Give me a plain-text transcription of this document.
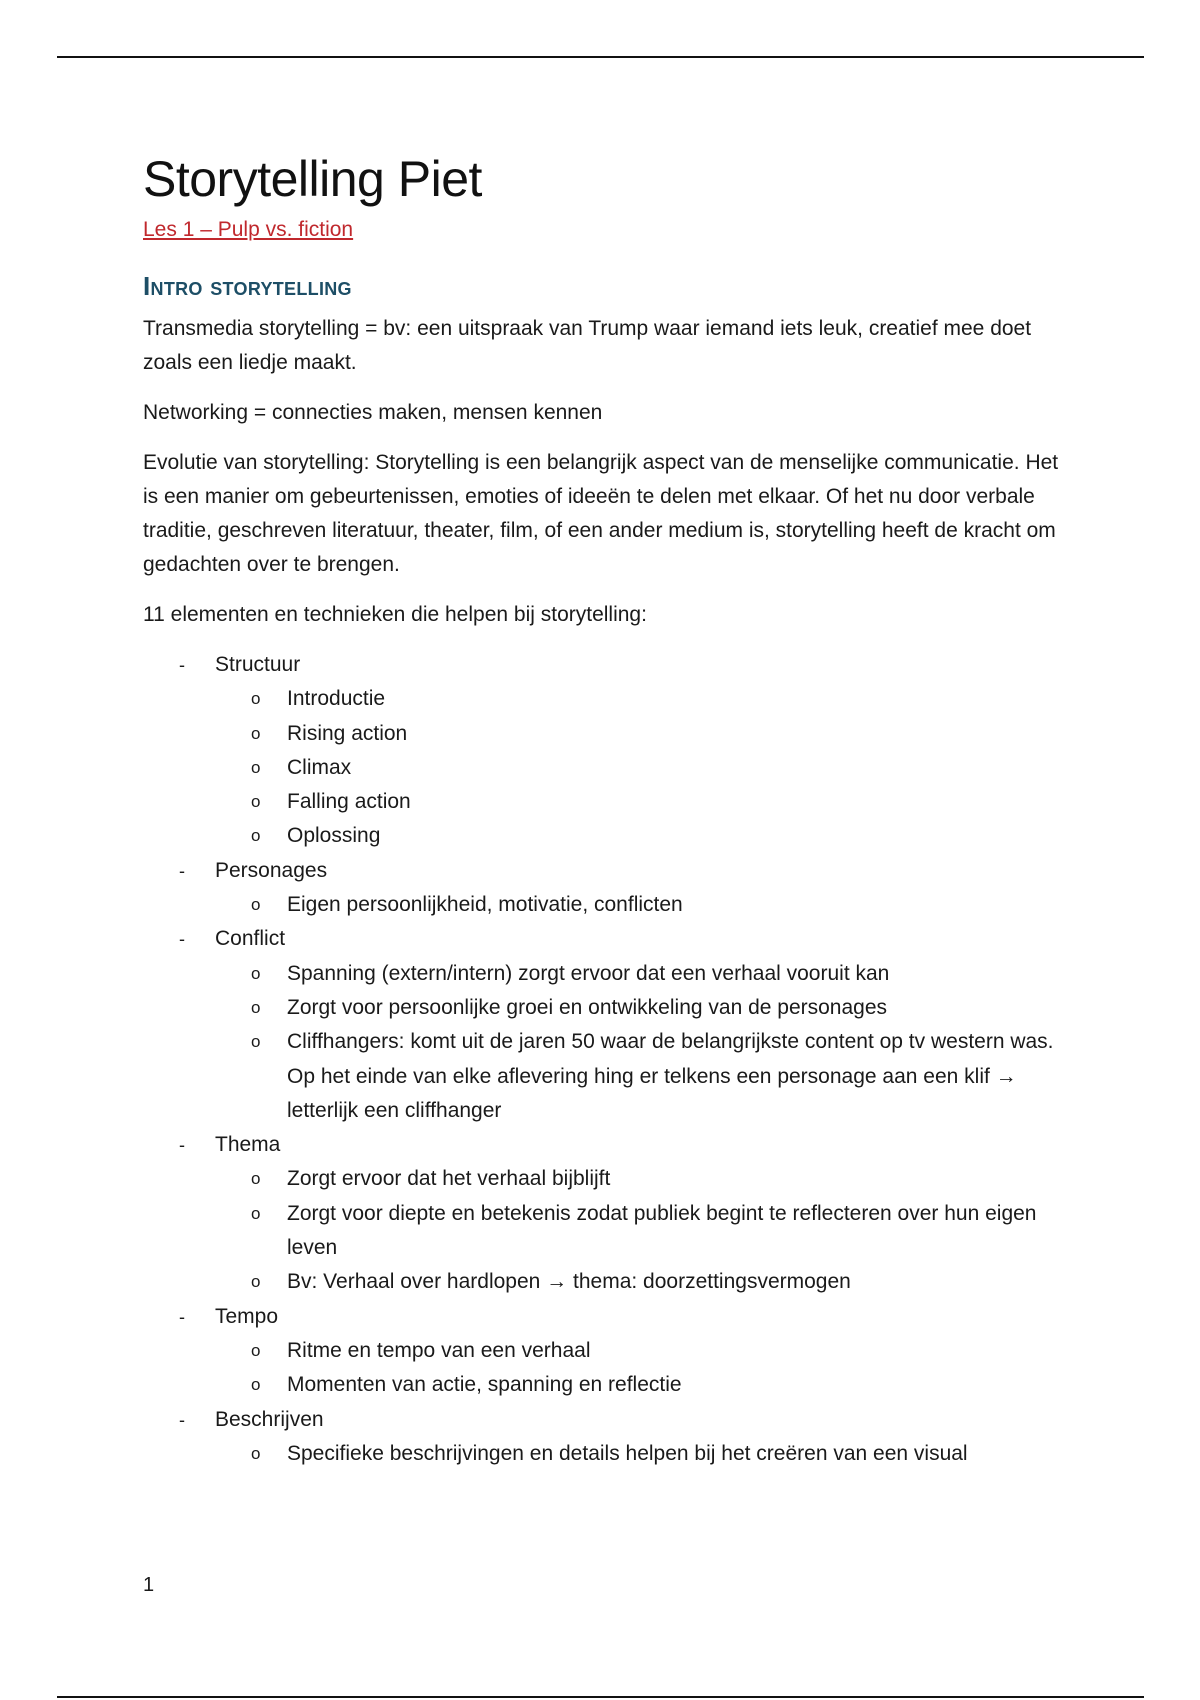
Storytelling Piet
Les 1 – Pulp vs. fiction
Intro storytelling

Transmedia storytelling = bv: een uitspraak van Trump waar iemand iets leuk, creatief mee doet zoals een liedje maakt.

Networking = connecties maken, mensen kennen

Evolutie van storytelling: Storytelling is een belangrijk aspect van de menselijke communicatie. Het is een manier om gebeurtenissen, emoties of ideeën te delen met elkaar. Of het nu door verbale traditie, geschreven literatuur, theater, film, of een ander medium is, storytelling heeft de kracht om gedachten over te brengen.

11 elementen en technieken die helpen bij storytelling:

- Structuur
o Introductie
o Rising action
o Climax
o Falling action
o Oplossing
- Personages
o Eigen persoonlijkheid, motivatie, conflicten
- Conflict
o Spanning (extern/intern) zorgt ervoor dat een verhaal vooruit kan
o Zorgt voor persoonlijke groei en ontwikkeling van de personages
o Cliffhangers: komt uit de jaren 50 waar de belangrijkste content op tv western was. Op het einde van elke aflevering hing er telkens een personage aan een klif → letterlijk een cliffhanger
- Thema
o Zorgt ervoor dat het verhaal bijblijft
o Zorgt voor diepte en betekenis zodat publiek begint te reflecteren over hun eigen leven
o Bv: Verhaal over hardlopen → thema: doorzettingsvermogen
- Tempo
o Ritme en tempo van een verhaal
o Momenten van actie, spanning en reflectie
- Beschrijven
o Specifieke beschrijvingen en details helpen bij het creëren van een visual
1
